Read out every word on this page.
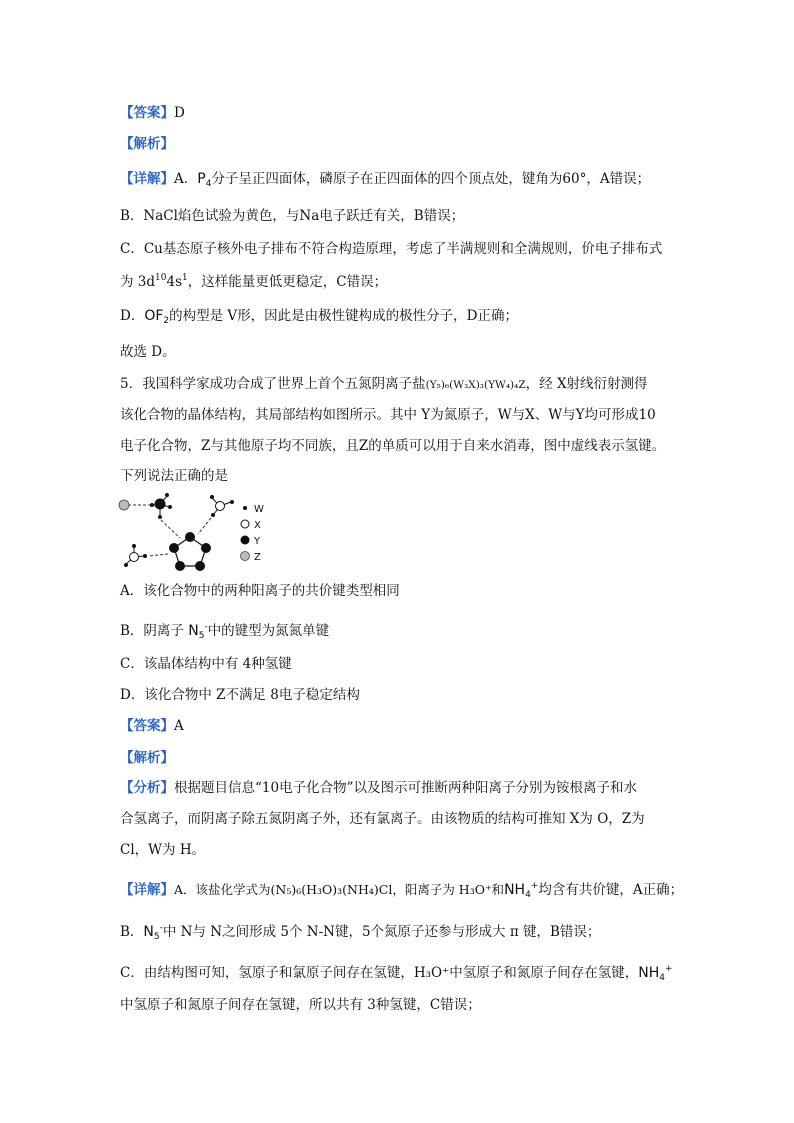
【答案】D
【解析】
【详解】A．$P_4$分子呈正四面体，磷原子在正四面体的四个顶点处，键角为60°，A错误；
B．NaCl焰色试验为黄色，与Na电子跃迁有关，B错误；
C．Cu基态原子核外电子排布不符合构造原理，考虑了半满规则和全满规则，价电子排布式
为 $3d^{10}4s^1$，这样能量更低更稳定，C错误；
D．$OF_2$的构型是 V形，因此是由极性键构成的极性分子，D正确；
故选 D。
5．我国科学家成功合成了世界上首个五氮阴离子盐(Y₅)₆(W₃X)₃(YW₄)₄Z，经 X射线衍射测得
该化合物的晶体结构，其局部结构如图所示。其中 Y为氮原子，W与X、W与Y均可形成10
电子化合物，Z与其他原子均不同族，且Z的单质可以用于自来水消毒，图中虚线表示氢键。
下列说法正确的是
W
X
Y
Z
A．该化合物中的两种阳离子的共价键类型相同
B．阴离子 $N_5^-$中的键型为氮氮单键
C．该晶体结构中有 4种氢键
D．该化合物中 Z不满足 8电子稳定结构
【答案】A
【解析】
【分析】根据题目信息“10电子化合物”以及图示可推断两种阳离子分别为铵根离子和水
合氢离子，而阴离子除五氮阴离子外，还有氯离子。由该物质的结构可推知 X为 O，Z为
Cl，W为 H。
【详解】A．该盐化学式为(N₅)₆(H₃O)₃(NH₄)Cl，阳离子为 H₃O⁺和$NH_4^+$均含有共价键，A正确；
B．$N_5^-$中 N与 N之间形成 5个 N-N键，5个氮原子还参与形成大 π 键，B错误；
C．由结构图可知，氢原子和氯原子间存在氢键，H₃O⁺中氢原子和氮原子间存在氢键，$NH_4^+$
中氢原子和氮原子间存在氢键，所以共有 3种氢键，C错误；
